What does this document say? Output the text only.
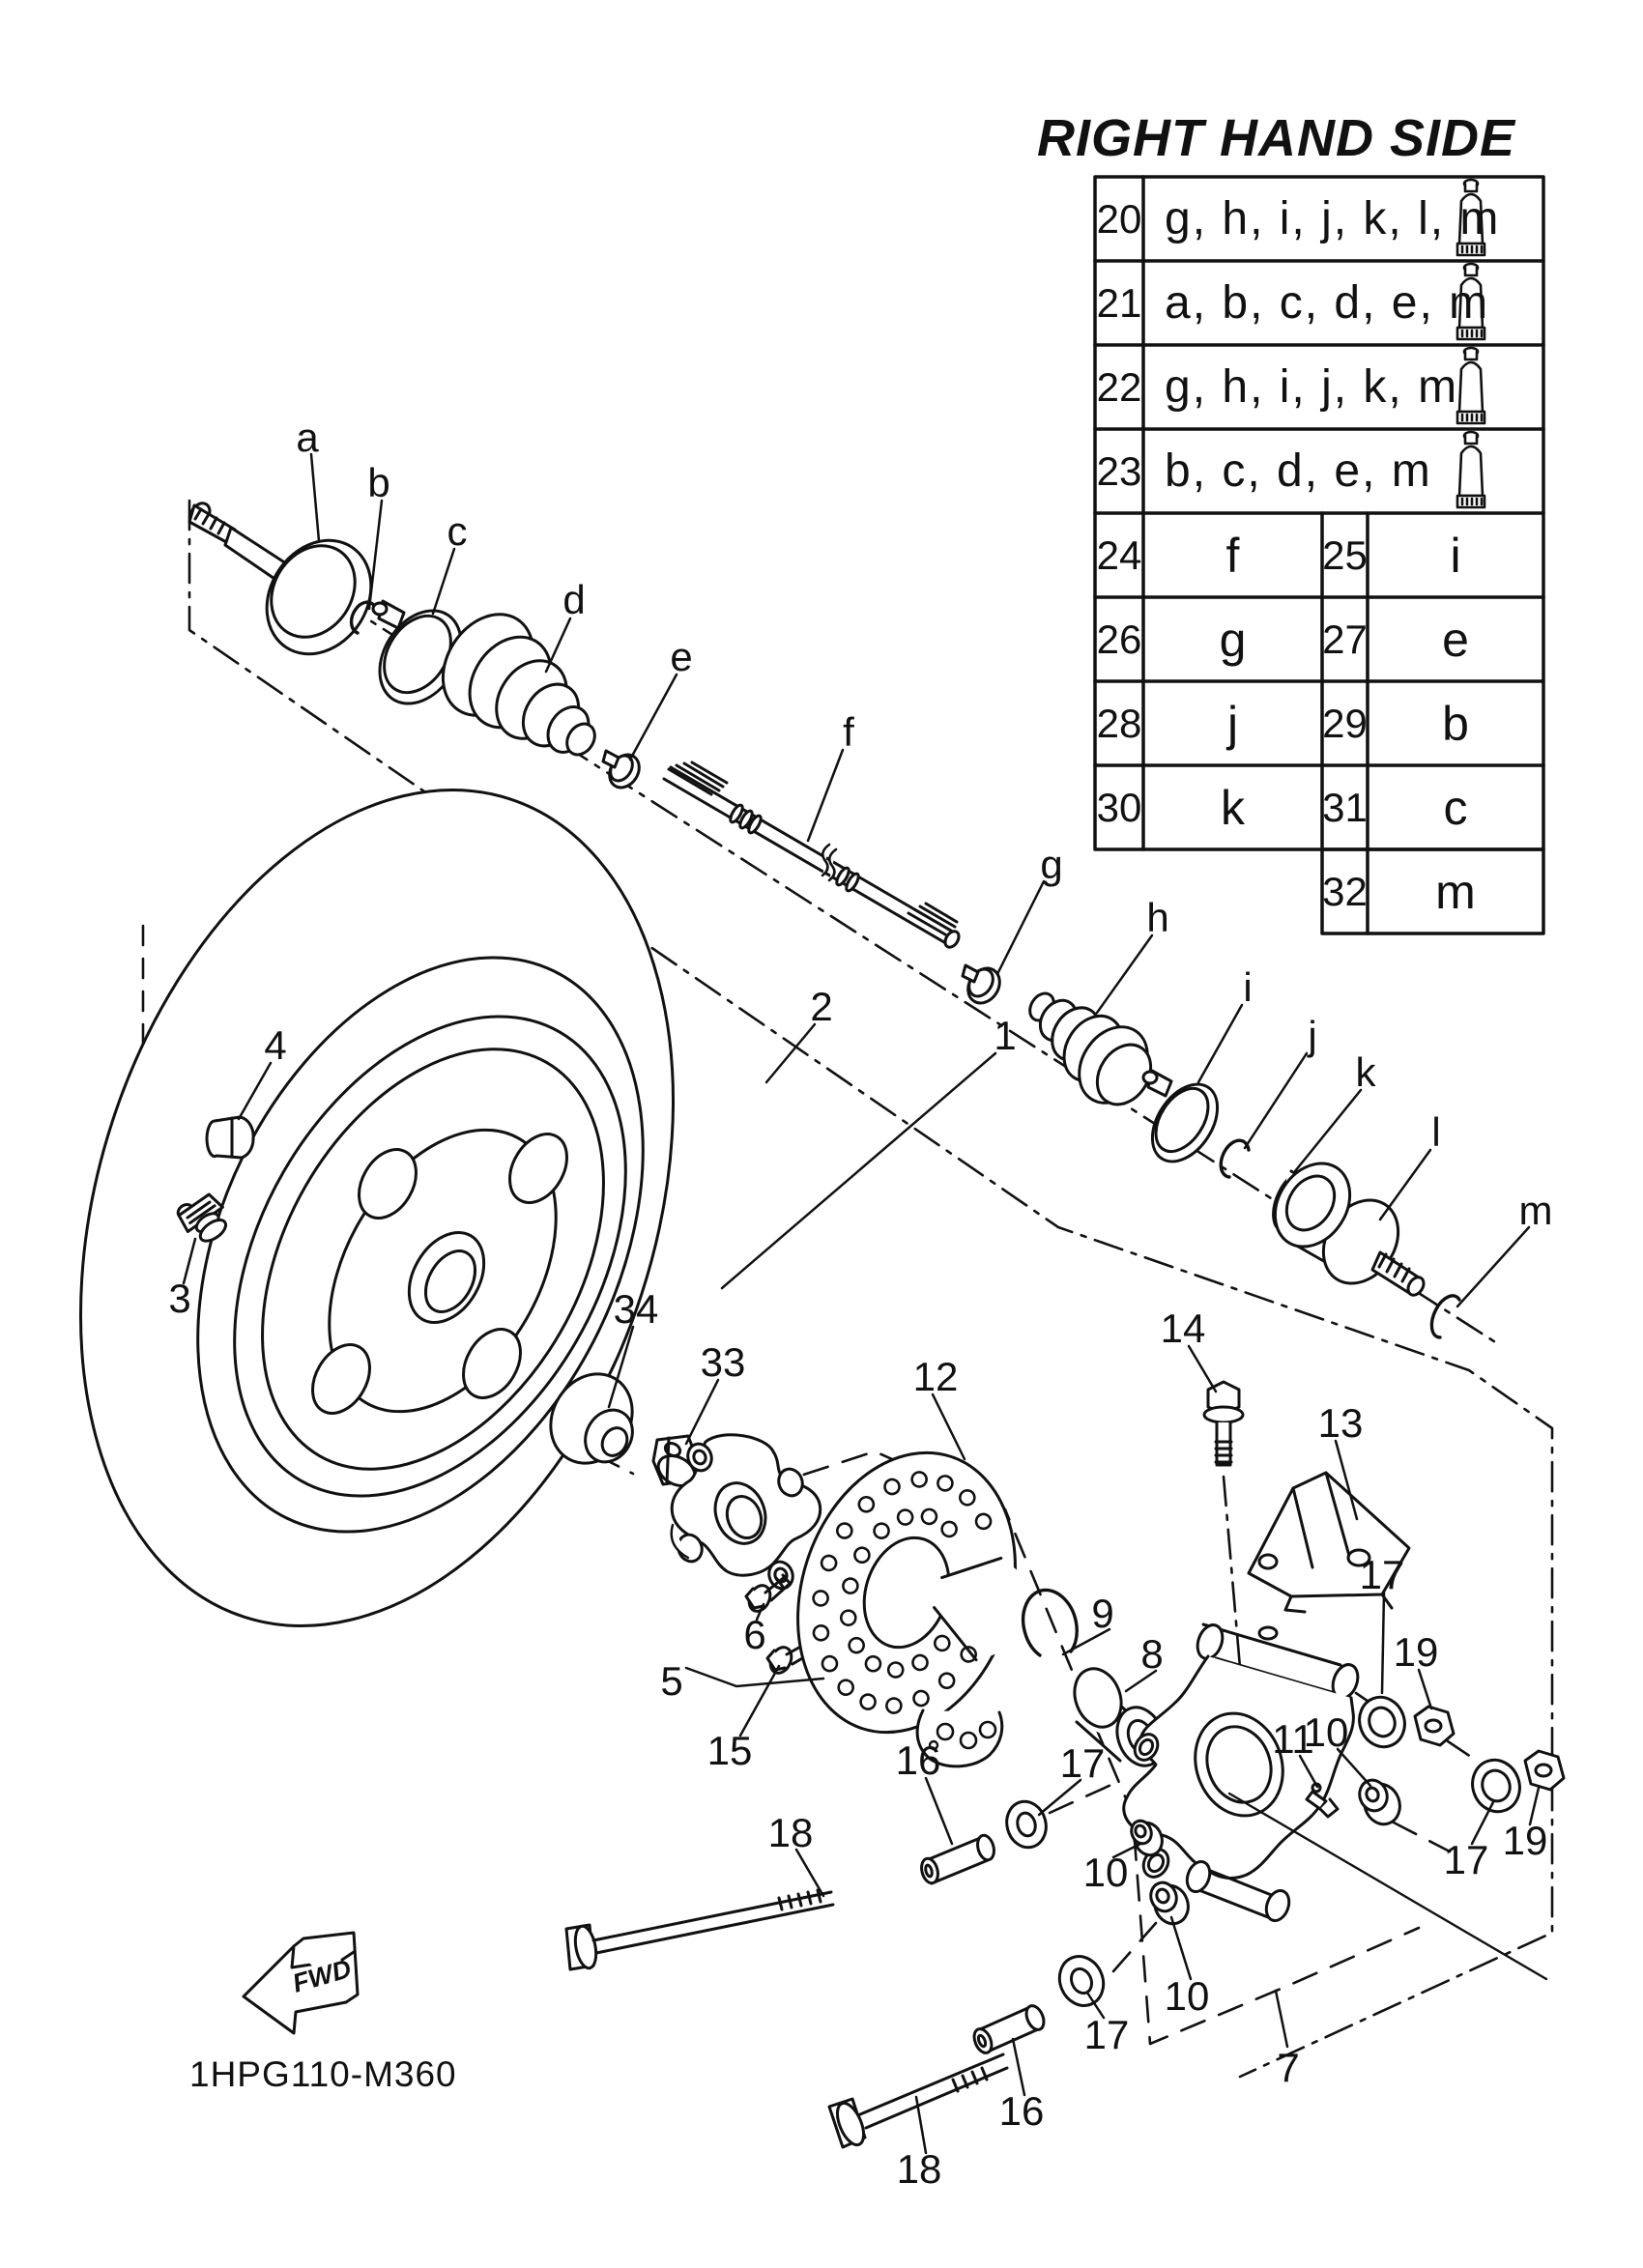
FWD
RIGHT HAND SIDE
20 g, h, i, j, k, l, m
21 a, b, c, d, e, m
22 g, h, i, j, k, m
23 b, c, d, e, m
24	f	25	i
26	g	27	e
28	j	29	b
30	k	31	c
32	m
a
b
c
d
e
f
g
h
i
j
k
l
m
1
2
3
4
5
6
7
8
9
10
10
10
11
12
13
14
15	16
16
17
17
17
17
18
18
19
19
33
34
1HPG110-M360
